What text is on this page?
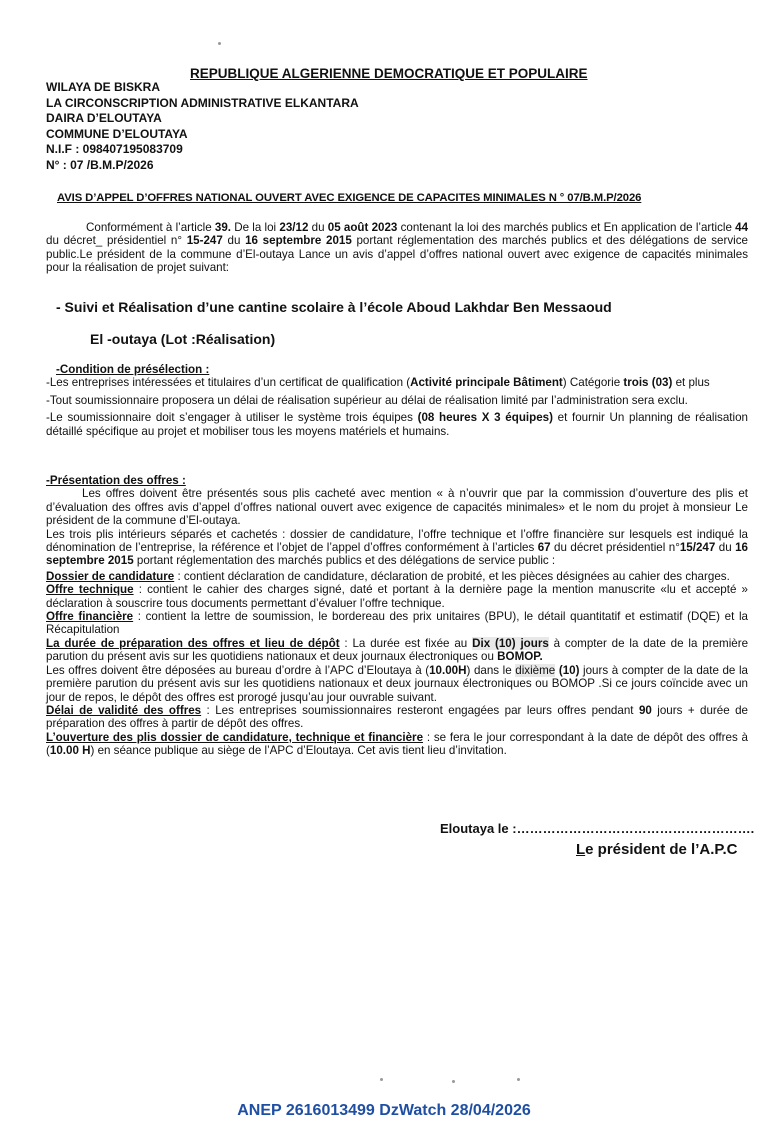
REPUBLIQUE ALGERIENNE DEMOCRATIQUE ET POPULAIRE
WILAYA DE BISKRA
LA CIRCONSCRIPTION ADMINISTRATIVE ELKANTARA
DAIRA D’ELOUTAYA
COMMUNE D’ELOUTAYA
N.I.F : 098407195083709
N° : 07 /B.M.P/2026
AVIS D’APPEL D’OFFRES NATIONAL OUVERT AVEC EXIGENCE DE CAPACITES MINIMALES N ° 07/B.M.P/2026
Conformément à l’article 39. De la loi 23/12 du 05 août 2023 contenant la loi des marchés publics et En application de l’article 44 du décret_ présidentiel n° 15-247 du 16 septembre 2015 portant réglementation des marchés publics et des délégations de service public.Le président de la commune d’El-outaya Lance un avis d’appel d’offres national ouvert avec exigence de capacités minimales pour la réalisation de projet suivant:
- Suivi et Réalisation d’une cantine scolaire à l’école Aboud Lakhdar Ben Messaoud
El -outaya (Lot :Réalisation)
-Condition de présélection :
-Les entreprises intéressées et titulaires d’un certificat de qualification (Activité principale Bâtiment) Catégorie trois (03) et plus
-Tout soumissionnaire proposera un délai de réalisation supérieur au délai de réalisation limité par l’administration sera exclu.
-Le soumissionnaire doit s’engager à utiliser le système trois équipes (08 heures X 3 équipes) et fournir Un planning de réalisation détaillé spécifique au projet et mobiliser tous les moyens matériels et humains.
-Présentation des offres :
Les offres doivent être présentés sous plis cacheté avec mention « à n’ouvrir que par la commission d’ouverture des plis et d’évaluation des offres avis d’appel d’offres national ouvert avec exigence de capacités minimales» et le nom du projet à monsieur Le président de la commune d’El-outaya.
Les trois plis intérieurs séparés et cachetés : dossier de candidature, l’offre technique et l’offre financière sur lesquels est indiqué la dénomination de l’entreprise, la référence et l’objet de l’appel d’offres conformément à l’articles 67 du décret présidentiel n°15/247 du 16 septembre 2015 portant réglementation des marchés publics et des délégations de service public :
Dossier de candidature : contient déclaration de candidature, déclaration de probité, et les pièces désignées au cahier des charges.
Offre technique : contient le cahier des charges signé, daté et portant à la dernière page la mention manuscrite «lu et accepté » déclaration à souscrire tous documents permettant d’évaluer l’offre technique.
Offre financière : contient la lettre de soumission, le bordereau des prix unitaires (BPU), le détail quantitatif et estimatif (DQE) et la Récapitulation
La durée de préparation des offres et lieu de dépôt : La durée est fixée au Dix (10) jours à compter de la date de la première parution du présent avis sur les quotidiens nationaux et deux journaux électroniques ou BOMOP.
Les offres doivent être déposées au bureau d’ordre à l’APC d’Eloutaya à (10.00H) dans le dixième (10) jours à compter de la date de la première parution du présent avis sur les quotidiens nationaux et deux journaux électroniques ou BOMOP .Si ce jours coïncide avec un jour de repos, le dépôt des offres est prorogé jusqu’au jour ouvrable suivant.
Délai de validité des offres : Les entreprises soumissionnaires resteront engagées par leurs offres pendant 90 jours + durée de préparation des offres à partir de dépôt des offres.
L’ouverture des plis dossier de candidature, technique et financière : se fera le jour correspondant à la date de dépôt des offres à (10.00 H) en séance publique au siège de l’APC d’Eloutaya. Cet avis tient lieu d’invitation.
Eloutaya le :……………………………………………….
Le président de l’A.P.C
ANEP 2616013499 DzWatch 28/04/2026
